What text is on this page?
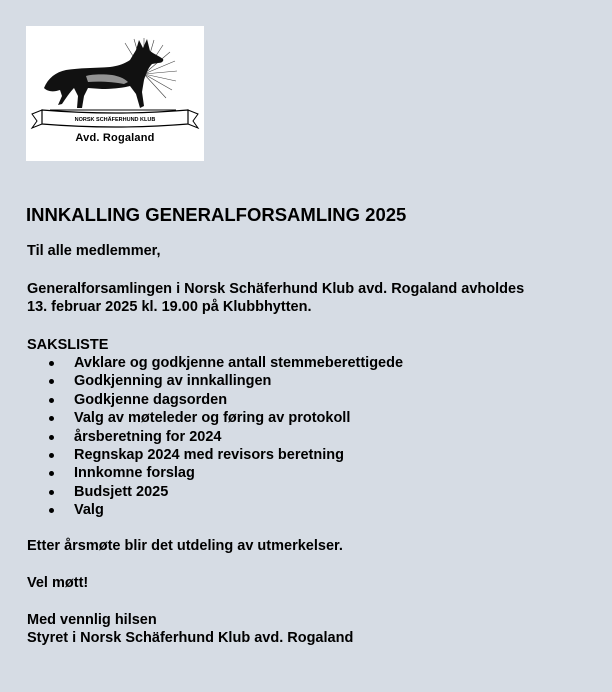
NORSK SCHÄFERHUND KLUB
Avd. Rogaland
INNKALLING GENERALFORSAMLING 2025
Til alle medlemmer,
Generalforsamlingen i Norsk Schäferhund Klub avd. Rogaland avholdes
13. februar 2025 kl. 19.00 på Klubbhytten.
SAKSLISTE
Avklare og godkjenne antall stemmeberettigede
Godkjenning av innkallingen
Godkjenne dagsorden
Valg av møteleder og føring av protokoll
årsberetning for 2024
Regnskap 2024 med revisors beretning
Innkomne forslag
Budsjett 2025
Valg
Etter årsmøte blir det utdeling av utmerkelser.
Vel møtt!
Med vennlig hilsen
Styret i Norsk Schäferhund Klub avd. Rogaland
